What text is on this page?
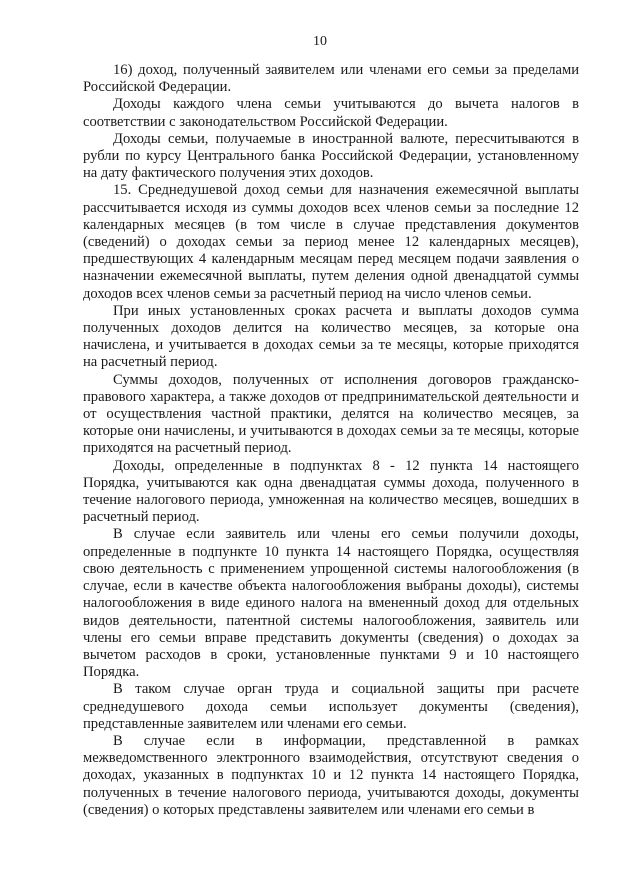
10

16) доход, полученный заявителем или членами его семьи за пределами Российской Федерации.

Доходы каждого члена семьи учитываются до вычета налогов в соответствии с законодательством Российской Федерации.

Доходы семьи, получаемые в иностранной валюте, пересчитываются в рубли по курсу Центрального банка Российской Федерации, установленному на дату фактического получения этих доходов.

15. Среднедушевой доход семьи для назначения ежемесячной выплаты рассчитывается исходя из суммы доходов всех членов семьи за последние 12 календарных месяцев (в том числе в случае представления документов (сведений) о доходах семьи за период менее 12 календарных месяцев), предшествующих 4 календарным месяцам перед месяцем подачи заявления о назначении ежемесячной выплаты, путем деления одной двенадцатой суммы доходов всех членов семьи за расчетный период на число членов семьи.

При иных установленных сроках расчета и выплаты доходов сумма полученных доходов делится на количество месяцев, за которые она начислена, и учитывается в доходах семьи за те месяцы, которые приходятся на расчетный период.

Суммы доходов, полученных от исполнения договоров гражданско-правового характера, а также доходов от предпринимательской деятельности и от осуществления частной практики, делятся на количество месяцев, за которые они начислены, и учитываются в доходах семьи за те месяцы, которые приходятся на расчетный период.

Доходы, определенные в подпунктах 8 - 12 пункта 14 настоящего Порядка, учитываются как одна двенадцатая суммы дохода, полученного в течение налогового периода, умноженная на количество месяцев, вошедших в расчетный период.

В случае если заявитель или члены его семьи получили доходы, определенные в подпункте 10 пункта 14 настоящего Порядка, осуществляя свою деятельность с применением упрощенной системы налогообложения (в случае, если в качестве объекта налогообложения выбраны доходы), системы налогообложения в виде единого налога на вмененный доход для отдельных видов деятельности, патентной системы налогообложения, заявитель или члены его семьи вправе представить документы (сведения) о доходах за вычетом расходов в сроки, установленные пунктами 9 и 10 настоящего Порядка.

В таком случае орган труда и социальной защиты при расчете среднедушевого дохода семьи использует документы (сведения), представленные заявителем или членами его семьи.

В случае если в информации, представленной в рамках межведомственного электронного взаимодействия, отсутствуют сведения о доходах, указанных в подпунктах 10 и 12 пункта 14 настоящего Порядка, полученных в течение налогового периода, учитываются доходы, документы (сведения) о которых представлены заявителем или членами его семьи в
